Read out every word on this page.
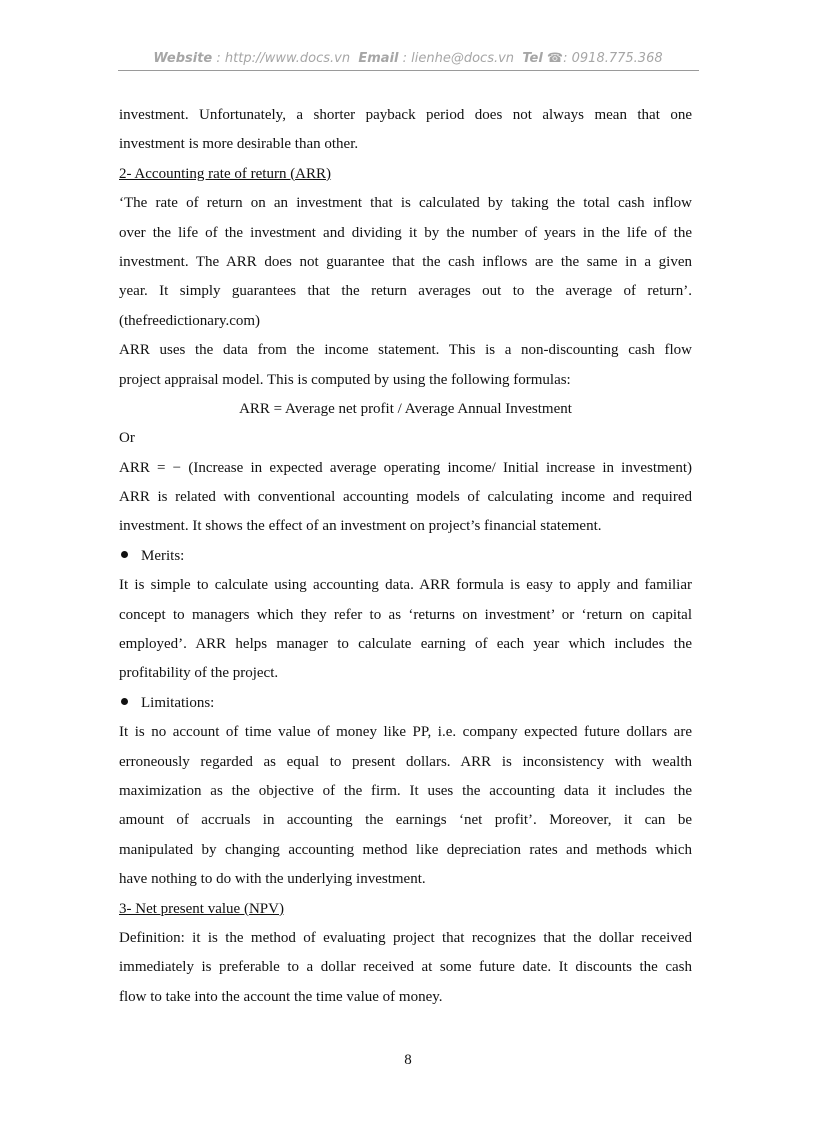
Website : http://www.docs.vn Email : lienhe@docs.vn Tel ☎: 0918.775.368
investment. Unfortunately, a shorter payback period does not always mean that one
investment is more desirable than other.
2- Accounting rate of return (ARR)
‘The rate of return on an investment that is calculated by taking the total cash inflow
over the life of the investment and dividing it by the number of years in the life of the
investment. The ARR does not guarantee that the cash inflows are the same in a given
year. It simply guarantees that the return averages out to the average of return’.
(thefreedictionary.com)
ARR uses the data from the income statement. This is a non-discounting cash flow
project appraisal model. This is computed by using the following formulas:
ARR = Average net profit / Average Annual Investment
Or
ARR = − (Increase in expected average operating income/ Initial increase in investment)
ARR is related with conventional accounting models of calculating income and required
investment. It shows the effect of an investment on project’s financial statement.
Merits:
It is simple to calculate using accounting data. ARR formula is easy to apply and familiar
concept to managers which they refer to as ‘returns on investment’ or ‘return on capital
employed’. ARR helps manager to calculate earning of each year which includes the
profitability of the project.
Limitations:
It is no account of time value of money like PP, i.e. company expected future dollars are
erroneously regarded as equal to present dollars. ARR is inconsistency with wealth
maximization as the objective of the firm. It uses the accounting data it includes the
amount of accruals in accounting the earnings ‘net profit’. Moreover, it can be
manipulated by changing accounting method like depreciation rates and methods which
have nothing to do with the underlying investment.
3- Net present value (NPV)
Definition: it is the method of evaluating project that recognizes that the dollar received
immediately is preferable to a dollar received at some future date. It discounts the cash
flow to take into the account the time value of money.
8
